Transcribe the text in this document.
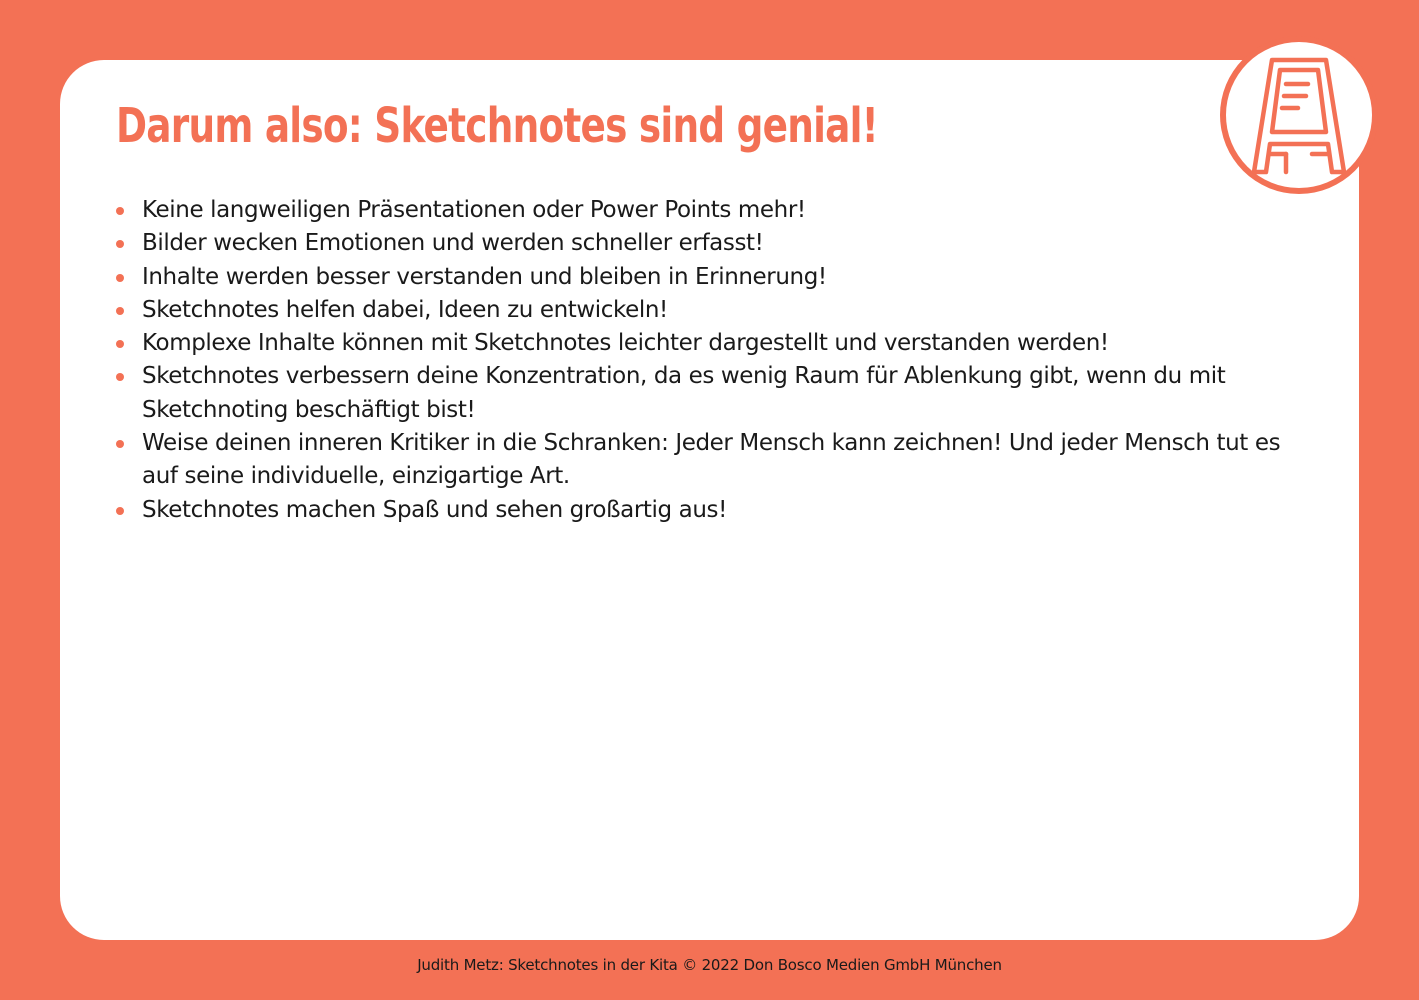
Darum also: Sketchnotes sind genial!
Keine langweiligen Präsentationen oder Power Points mehr!
Bilder wecken Emotionen und werden schneller erfasst!
Inhalte werden besser verstanden und bleiben in Erinnerung!
Sketchnotes helfen dabei, Ideen zu entwickeln!
Komplexe Inhalte können mit Sketchnotes leichter dargestellt und verstanden werden!
Sketchnotes verbessern deine Konzentration, da es wenig Raum für Ablenkung gibt, wenn du mit Sketchnoting beschäftigt bist!
Weise deinen inneren Kritiker in die Schranken: Jeder Mensch kann zeichnen! Und jeder Mensch tut es auf seine individuelle, einzigartige Art.
Sketchnotes machen Spaß und sehen großartig aus!
Judith Metz: Sketchnotes in der Kita © 2022 Don Bosco Medien GmbH München
